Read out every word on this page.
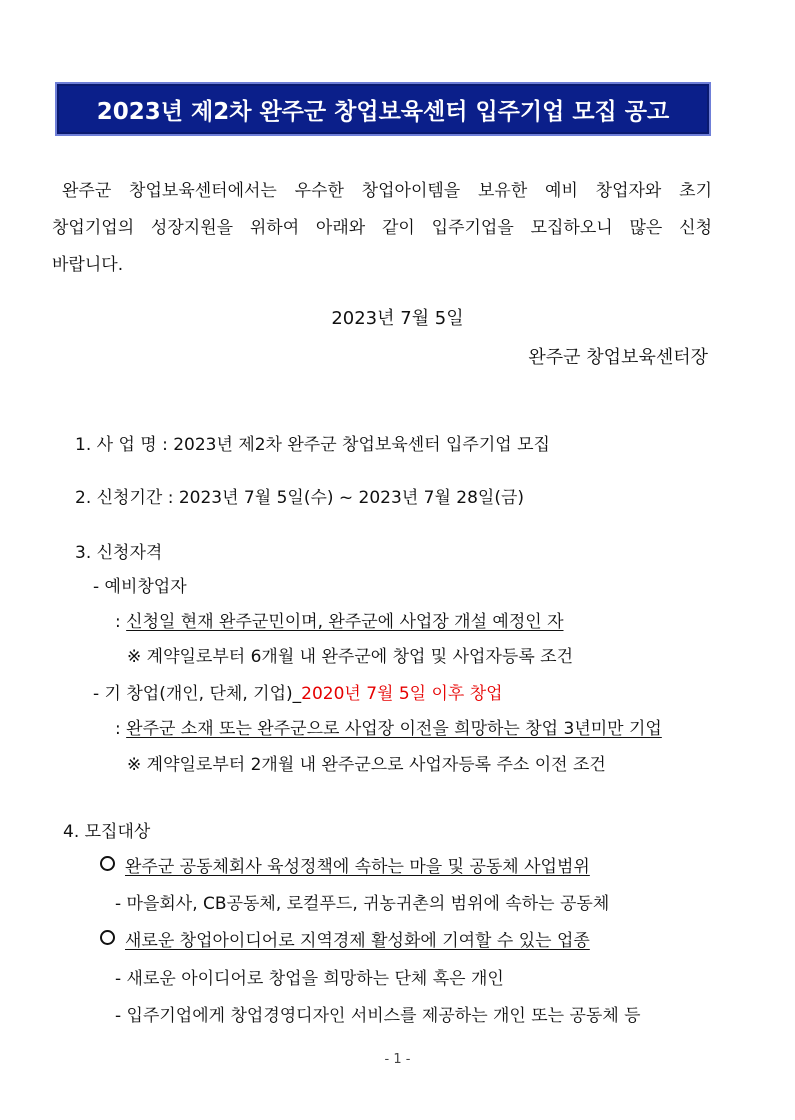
2023년 제2차 완주군 창업보육센터 입주기업 모집 공고

완주군 창업보육센터에서는 우수한 창업아이템을 보유한 예비 창업자와 초기

창업기업의 성장지원을 위하여 아래와 같이 입주기업을 모집하오니 많은 신청

바랍니다.

2023년 7월 5일
완주군 창업보육센터장
1. 사 업 명 : 2023년 제2차 완주군 창업보육센터 입주기업 모집
2. 신청기간 : 2023년 7월 5일(수) ~ 2023년 7월 28일(금)
3. 신청자격
- 예비창업자
: 신청일 현재 완주군민이며, 완주군에 사업장 개설 예정인 자
※ 계약일로부터 6개월 내 완주군에 창업 및 사업자등록 조건
- 기 창업(개인, 단체, 기업)_2020년 7월 5일 이후 창업
: 완주군 소재 또는 완주군으로 사업장 이전을 희망하는 창업 3년미만 기업
※ 계약일로부터 2개월 내 완주군으로 사업자등록 주소 이전 조건
4. 모집대상
완주군 공동체회사 육성정책에 속하는 마을 및 공동체 사업범위
- 마을회사, CB공동체, 로컬푸드, 귀농귀촌의 범위에 속하는 공동체
새로운 창업아이디어로 지역경제 활성화에 기여할 수 있는 업종
- 새로운 아이디어로 창업을 희망하는 단체 혹은 개인
- 입주기업에게 창업경영디자인 서비스를 제공하는 개인 또는 공동체 등
- 1 -
